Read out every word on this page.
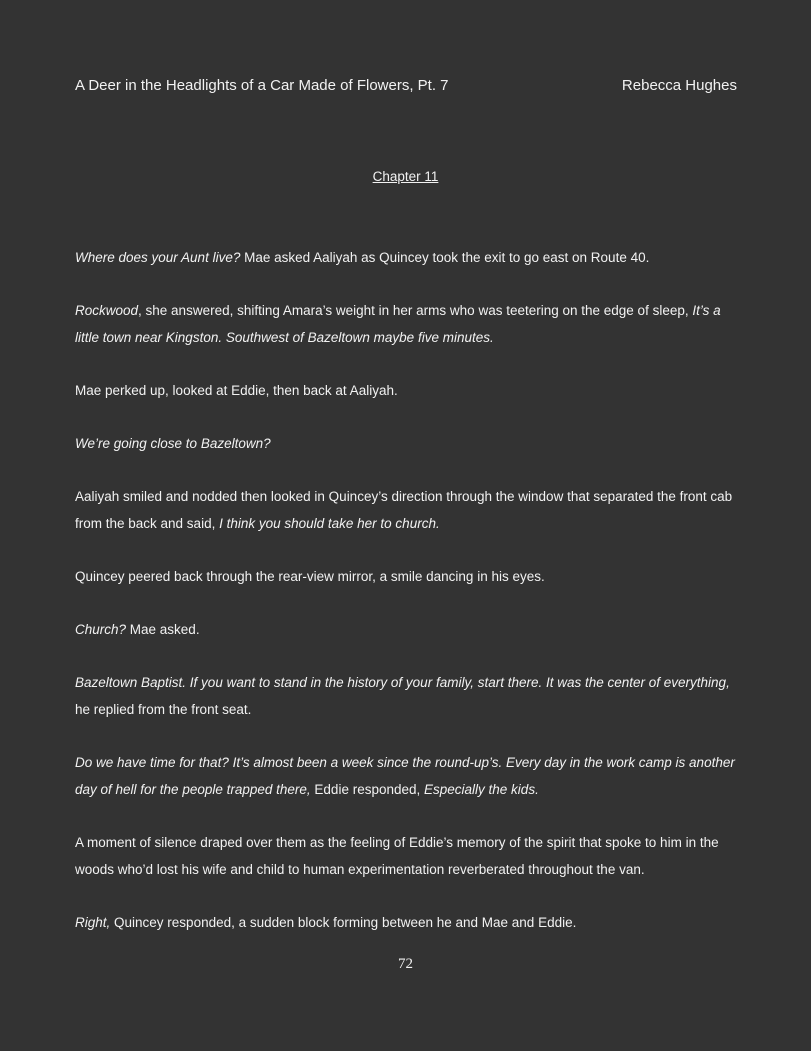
A Deer in the Headlights of a Car Made of Flowers, Pt. 7	Rebecca Hughes
Chapter 11

Where does your Aunt live? Mae asked Aaliyah as Quincey took the exit to go east on Route 40.

Rockwood, she answered, shifting Amara’s weight in her arms who was teetering on the edge of sleep, It’s a little town near Kingston. Southwest of Bazeltown maybe five minutes.

Mae perked up, looked at Eddie, then back at Aaliyah.

We’re going close to Bazeltown?

Aaliyah smiled and nodded then looked in Quincey’s direction through the window that separated the front cab from the back and said, I think you should take her to church.

Quincey peered back through the rear-view mirror, a smile dancing in his eyes.

Church? Mae asked.

Bazeltown Baptist. If you want to stand in the history of your family, start there. It was the center of everything, he replied from the front seat.

Do we have time for that? It’s almost been a week since the round-up’s. Every day in the work camp is another day of hell for the people trapped there, Eddie responded, Especially the kids.

A moment of silence draped over them as the feeling of Eddie’s memory of the spirit that spoke to him in the woods who’d lost his wife and child to human experimentation reverberated throughout the van.

Right, Quincey responded, a sudden block forming between he and Mae and Eddie.

72
